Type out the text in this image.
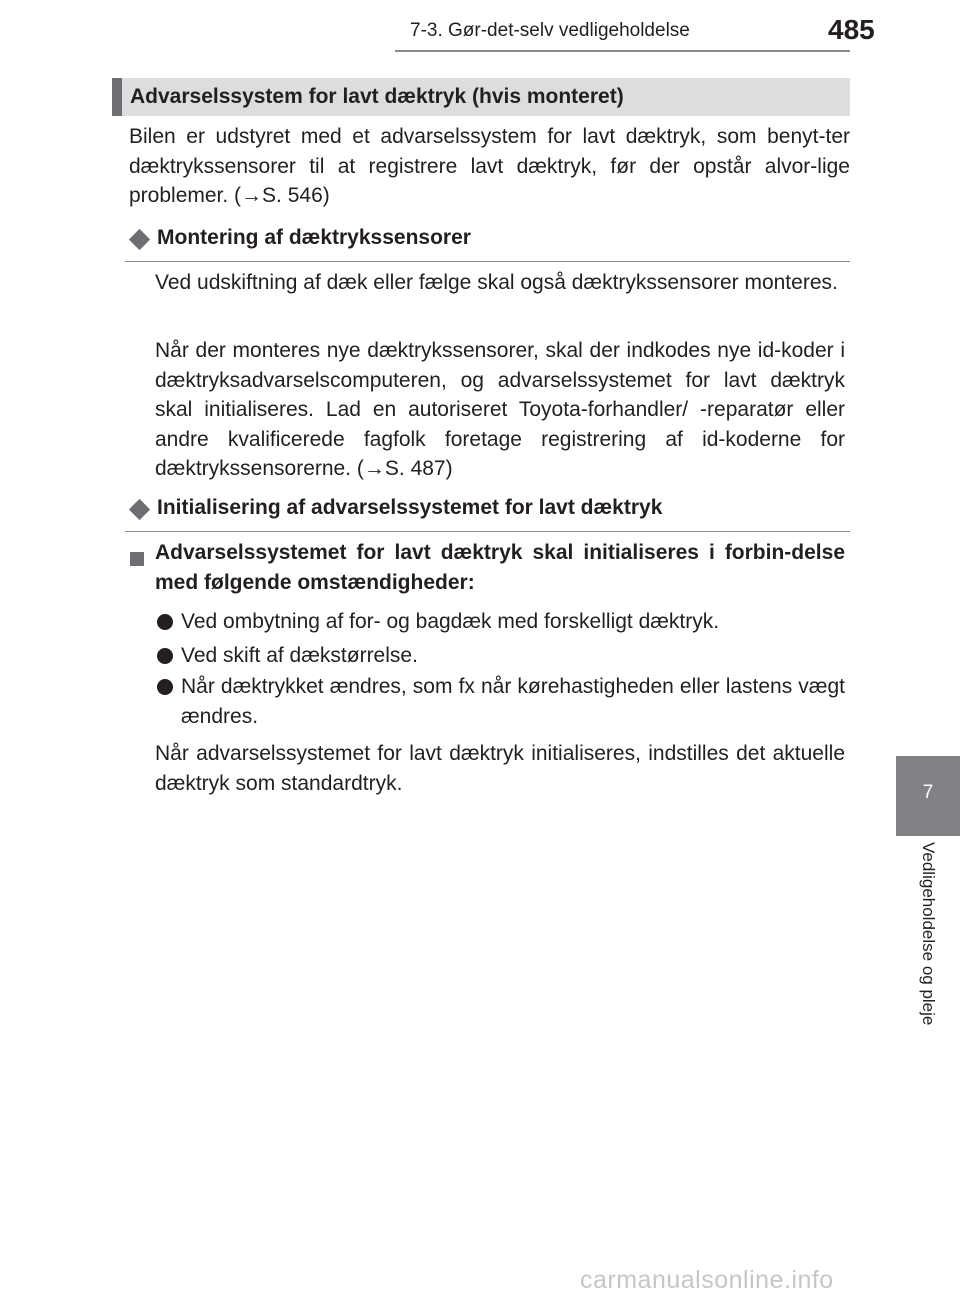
7-3. Gør-det-selv vedligeholdelse	485
Advarselssystem for lavt dæktryk (hvis monteret)

Bilen er udstyret med et advarselssystem for lavt dæktryk, som benyt-ter dæktrykssensorer til at registrere lavt dæktryk, før der opstår alvor-lige problemer. (→S. 546)

Montering af dæktrykssensorer

Ved udskiftning af dæk eller fælge skal også dæktrykssensorer monteres.

Når der monteres nye dæktrykssensorer, skal der indkodes nye id-koder i dæktryksadvarselscomputeren, og advarselssystemet for lavt dæktryk skal initialiseres. Lad en autoriseret Toyota-forhandler/ -reparatør eller andre kvalificerede fagfolk foretage registrering af id-koderne for dæktrykssensorerne. (→S. 487)

Initialisering af advarselssystemet for lavt dæktryk

Advarselssystemet for lavt dæktryk skal initialiseres i forbin-delse med følgende omstændigheder:

Ved ombytning af for- og bagdæk med forskelligt dæktryk.

Ved skift af dækstørrelse.

Når dæktrykket ændres, som fx når kørehastigheden eller lastens vægt ændres.

Når advarselssystemet for lavt dæktryk initialiseres, indstilles det aktuelle dæktryk som standardtryk.	7
Vedligeholdelse og pleje
carmanualsonline.info
